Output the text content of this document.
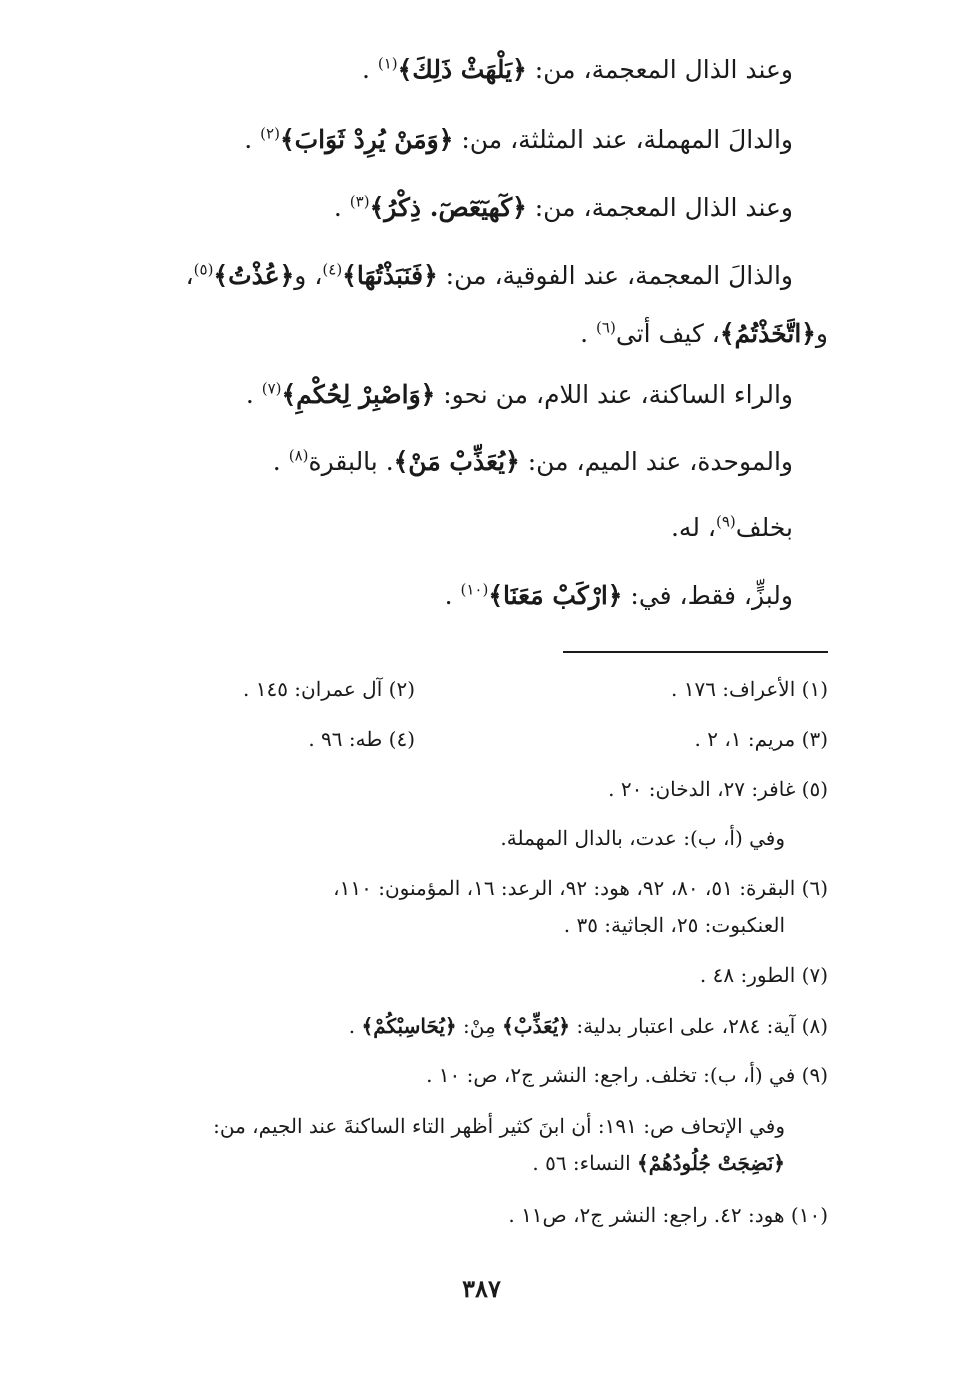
وعند الذال المعجمة، من: ﴿يَلْهَثْ ذَلِكَ﴾$^{(١)}$ .
والدالَ المهملة، عند المثلثة، من: ﴿وَمَنْ يُرِدْ ثَوَابَ﴾$^{(٢)}$ .
وعند الذال المعجمة، من: ﴿كٓهيٓعٓصٓ. ذِكْرُ﴾$^{(٣)}$ .
والذالَ المعجمة، عند الفوقية، من: ﴿فَنَبَذْتُهَا﴾$^{(٤)}$، و﴿عُذْتُ﴾$^{(٥)}$،
و﴿اتَّخَذْتُمُ﴾، كيف أتى$^{(٦)}$ .
والراء الساكنة، عند اللام، من نحو: ﴿وَاصْبِرْ لِحُكْمِ﴾$^{(٧)}$ .
والموحدة، عند الميم، من: ﴿يُعَذِّبْ مَنْ﴾. بالبقرة$^{(٨)}$ .
بخلف$^{(٩)}$، له.
ولبزٍّ، فقط، في: ﴿ارْكَبْ مَعَنَا﴾$^{(١٠)}$ .
(١) الأعراف: ١٧٦ .
(٢) آل عمران: ١٤٥ .
(٣) مريم: ١، ٢ .
(٤) طه: ٩٦ .
(٥) غافر: ٢٧، الدخان: ٢٠ .
وفي (أ، ب): عدت، بالدال المهملة.
(٦) البقرة: ٥١، ٨٠، ٩٢، هود: ٩٢، الرعد: ١٦، المؤمنون: ١١٠،
العنكبوت: ٢٥، الجاثية: ٣٥ .
(٧) الطور: ٤٨ .
(٨) آية: ٢٨٤، على اعتبار بدلية: ﴿يُعَذِّبْ﴾ مِنْ: ﴿يُحَاسِبْكُمْ﴾ .
(٩) في (أ، ب): تخلف. راجع: النشر ج٢، ص: ١٠ .
وفي الإتحاف ص: ١٩١: أن ابنَ كثير أظهر التاء الساكنةَ عند الجيم، من:
﴿نَضِجَتْ جُلُودُهُمْ﴾ النساء: ٥٦ .
(١٠) هود: ٤٢. راجع: النشر ج٢، ص١١ .
٣٨٧
